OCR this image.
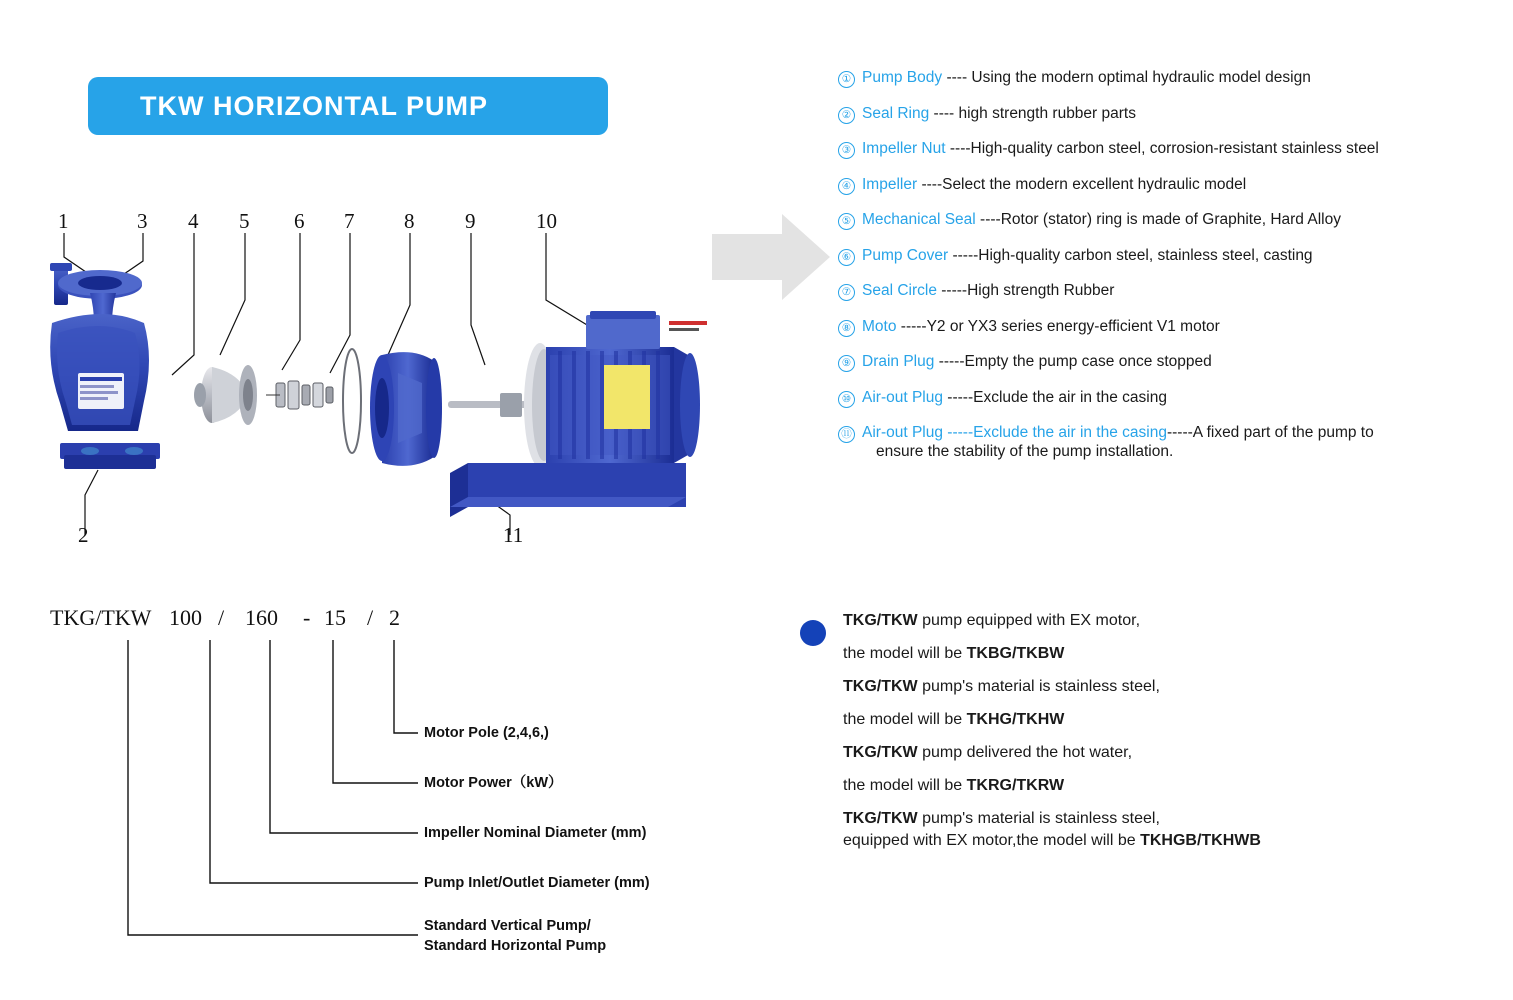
TKW HORIZONTAL PUMP
1	3 4 5 6 7 8 9	10
2	11
① Pump Body ---- Using the modern optimal hydraulic model design
② Seal Ring ---- high strength rubber parts
③ Impeller Nut ----High-quality carbon steel, corrosion-resistant stainless steel
④ Impeller ----Select the modern excellent hydraulic model
⑤ Mechanical Seal ----Rotor (stator) ring is made of Graphite, Hard Alloy
⑥ Pump Cover -----High-quality carbon steel, stainless steel, casting
⑦ Seal Circle -----High strength Rubber
⑧ Moto -----Y2 or YX3 series energy-efficient V1 motor
⑨ Drain Plug -----Empty the pump case once stopped
⑩ Air-out Plug -----Exclude the air in the casing
⑪ Air-out Plug -----Exclude the air in the casing-----A fixed part of the pump to
ensure the stability of the pump installation.
TKG/TKW 100 / 160 - 15 / 2
Motor Pole (2,4,6,)
Motor Power（kW）
Impeller Nominal Diameter (mm)
Pump Inlet/Outlet Diameter (mm)
Standard Vertical Pump/
Standard Horizontal Pump
TKG/TKW pump equipped with EX motor,
the model will be TKBG/TKBW
TKG/TKW pump's material is stainless steel,
the model will be TKHG/TKHW
TKG/TKW pump delivered the hot water,
the model will be TKRG/TKRW
TKG/TKW pump's material is stainless steel,
equipped with EX motor,the model will be TKHGB/TKHWB
